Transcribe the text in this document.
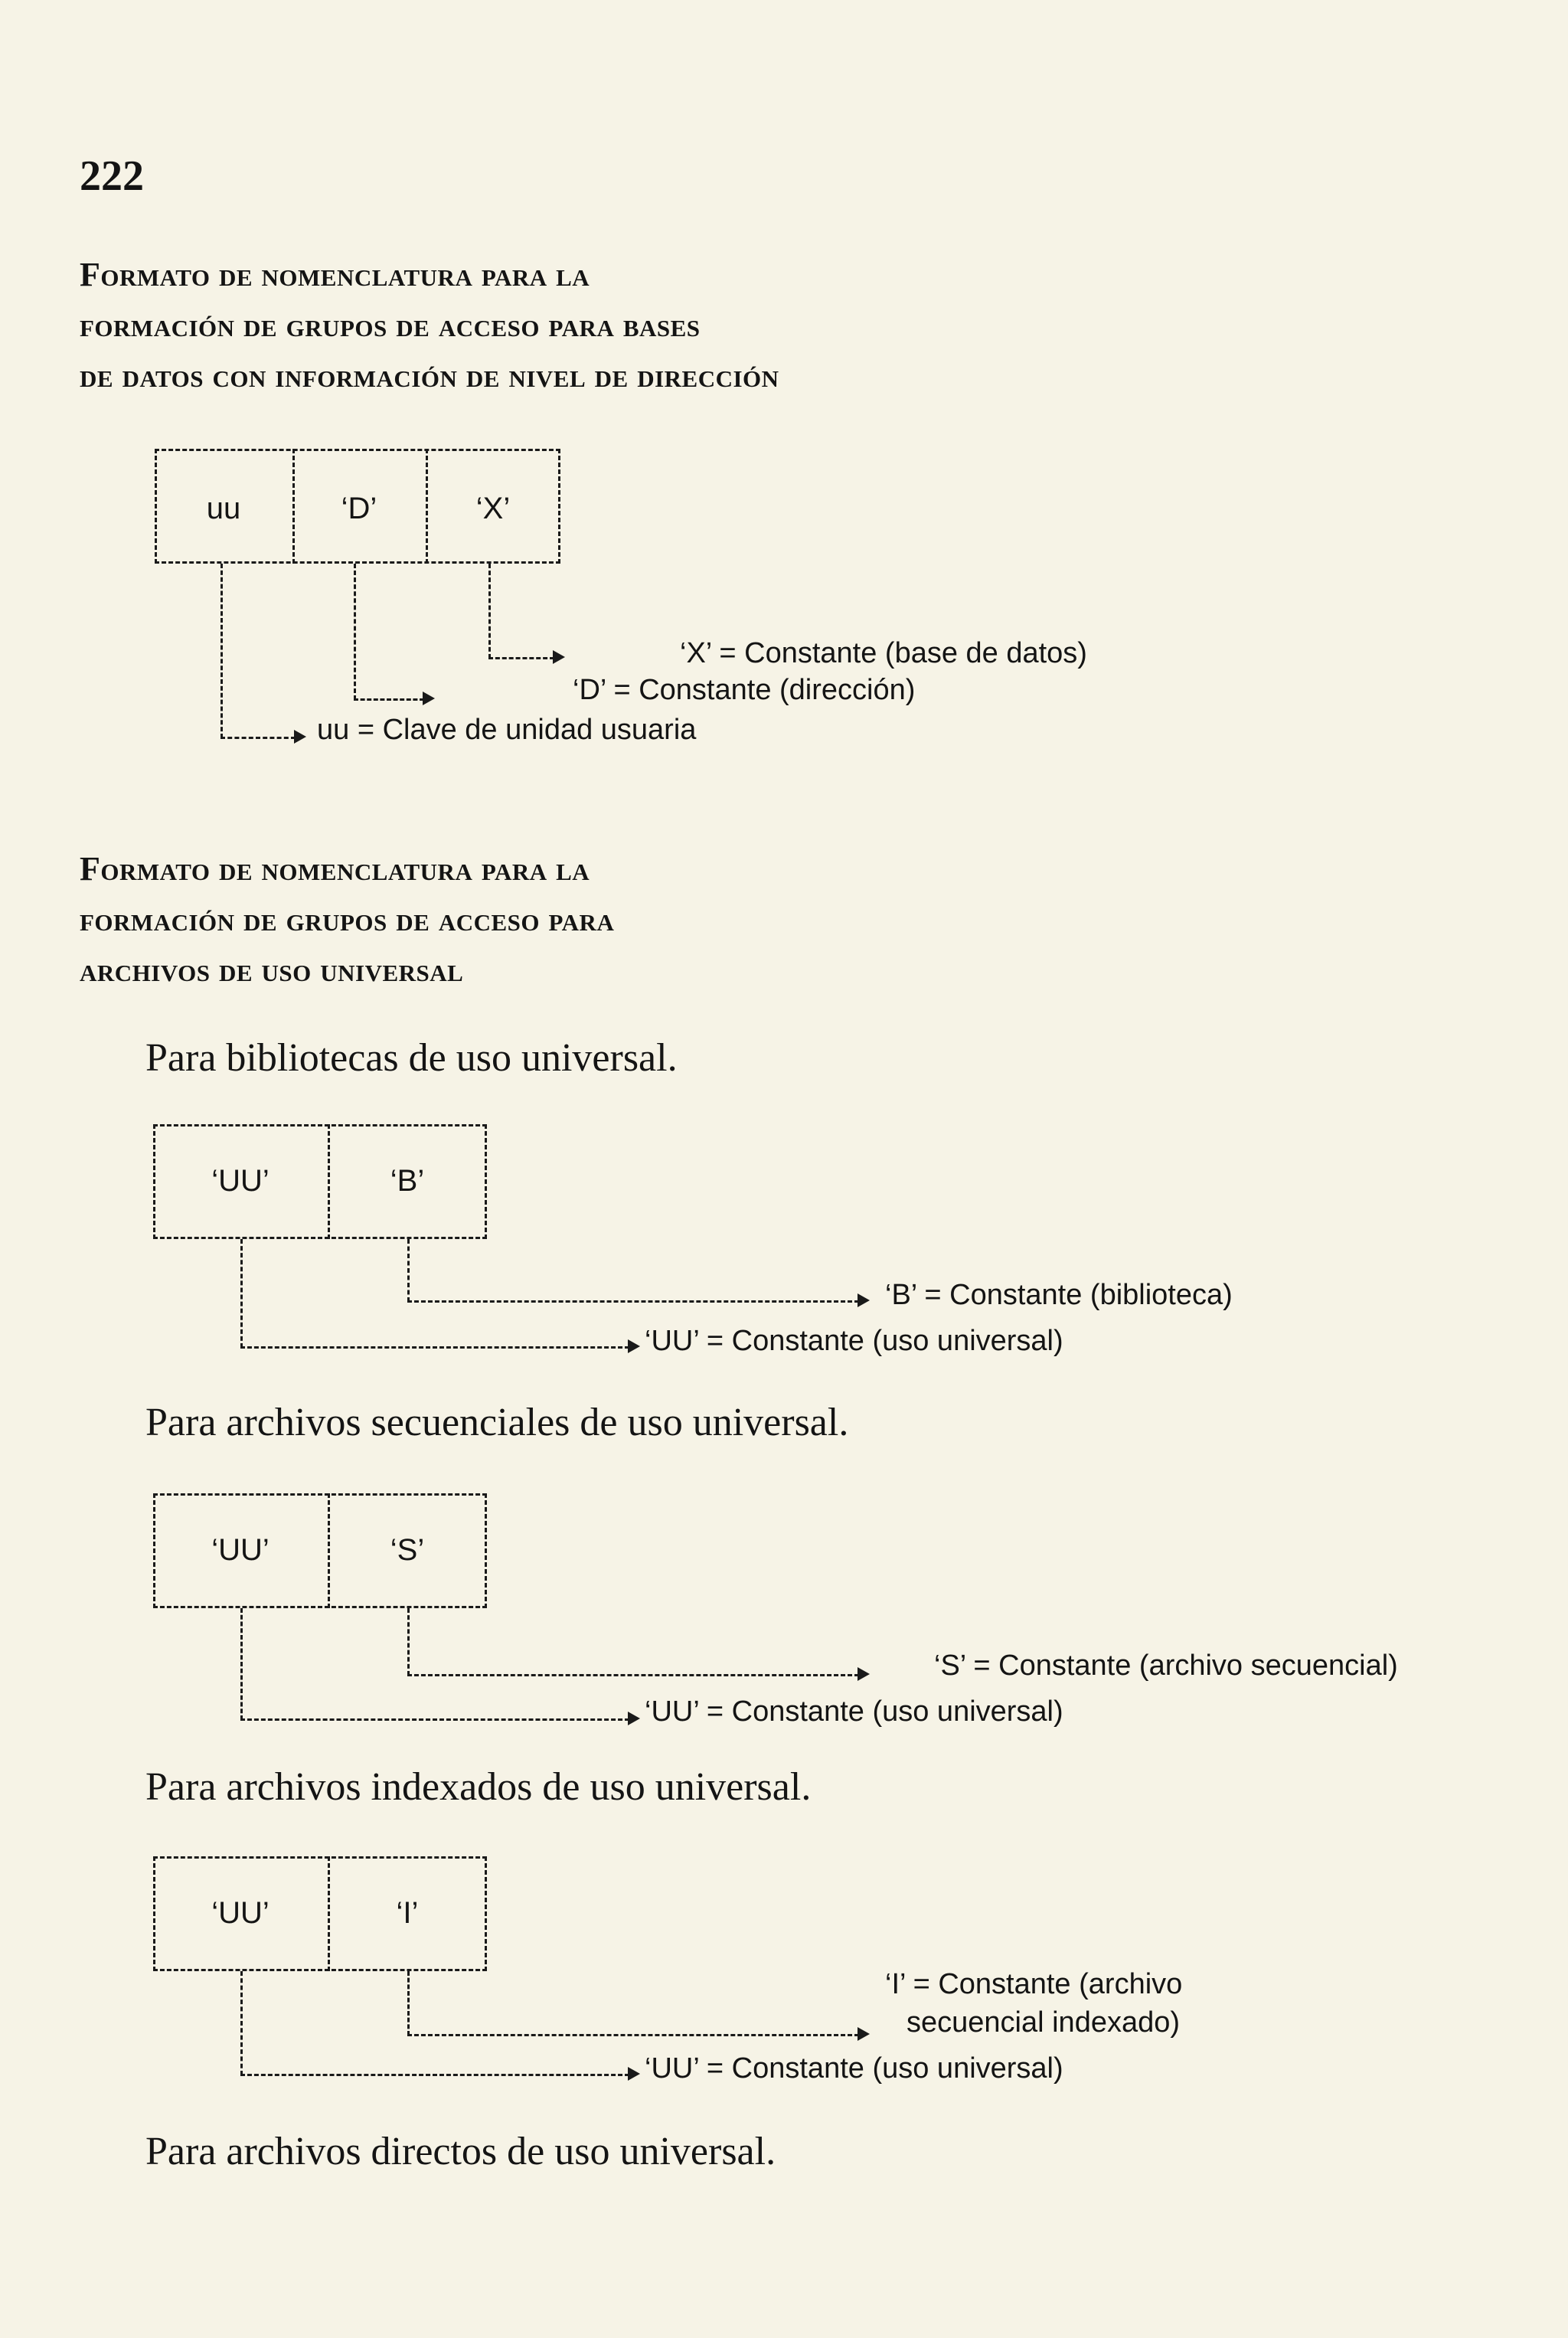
222
Formato de nomenclatura para la
formación de grupos de acceso para bases
de datos con información de nivel de dirección
uu	‘D’	‘X’
‘X’ = Constante (base de datos)
‘D’ = Constante (dirección)
uu = Clave de unidad usuaria
Formato de nomenclatura para la
formación de grupos de acceso para
archivos de uso universal
Para bibliotecas de uso universal.
‘UU’	‘B’
‘B’ = Constante (biblioteca)
‘UU’ = Constante (uso universal)
Para archivos secuenciales de uso universal.
‘UU’	‘S’
‘S’ = Constante (archivo secuencial)
‘UU’ = Constante (uso universal)
Para archivos indexados de uso universal.
‘UU’	‘I’
‘I’ = Constante (archivo
secuencial indexado)
‘UU’ = Constante (uso universal)
Para archivos directos de uso universal.
